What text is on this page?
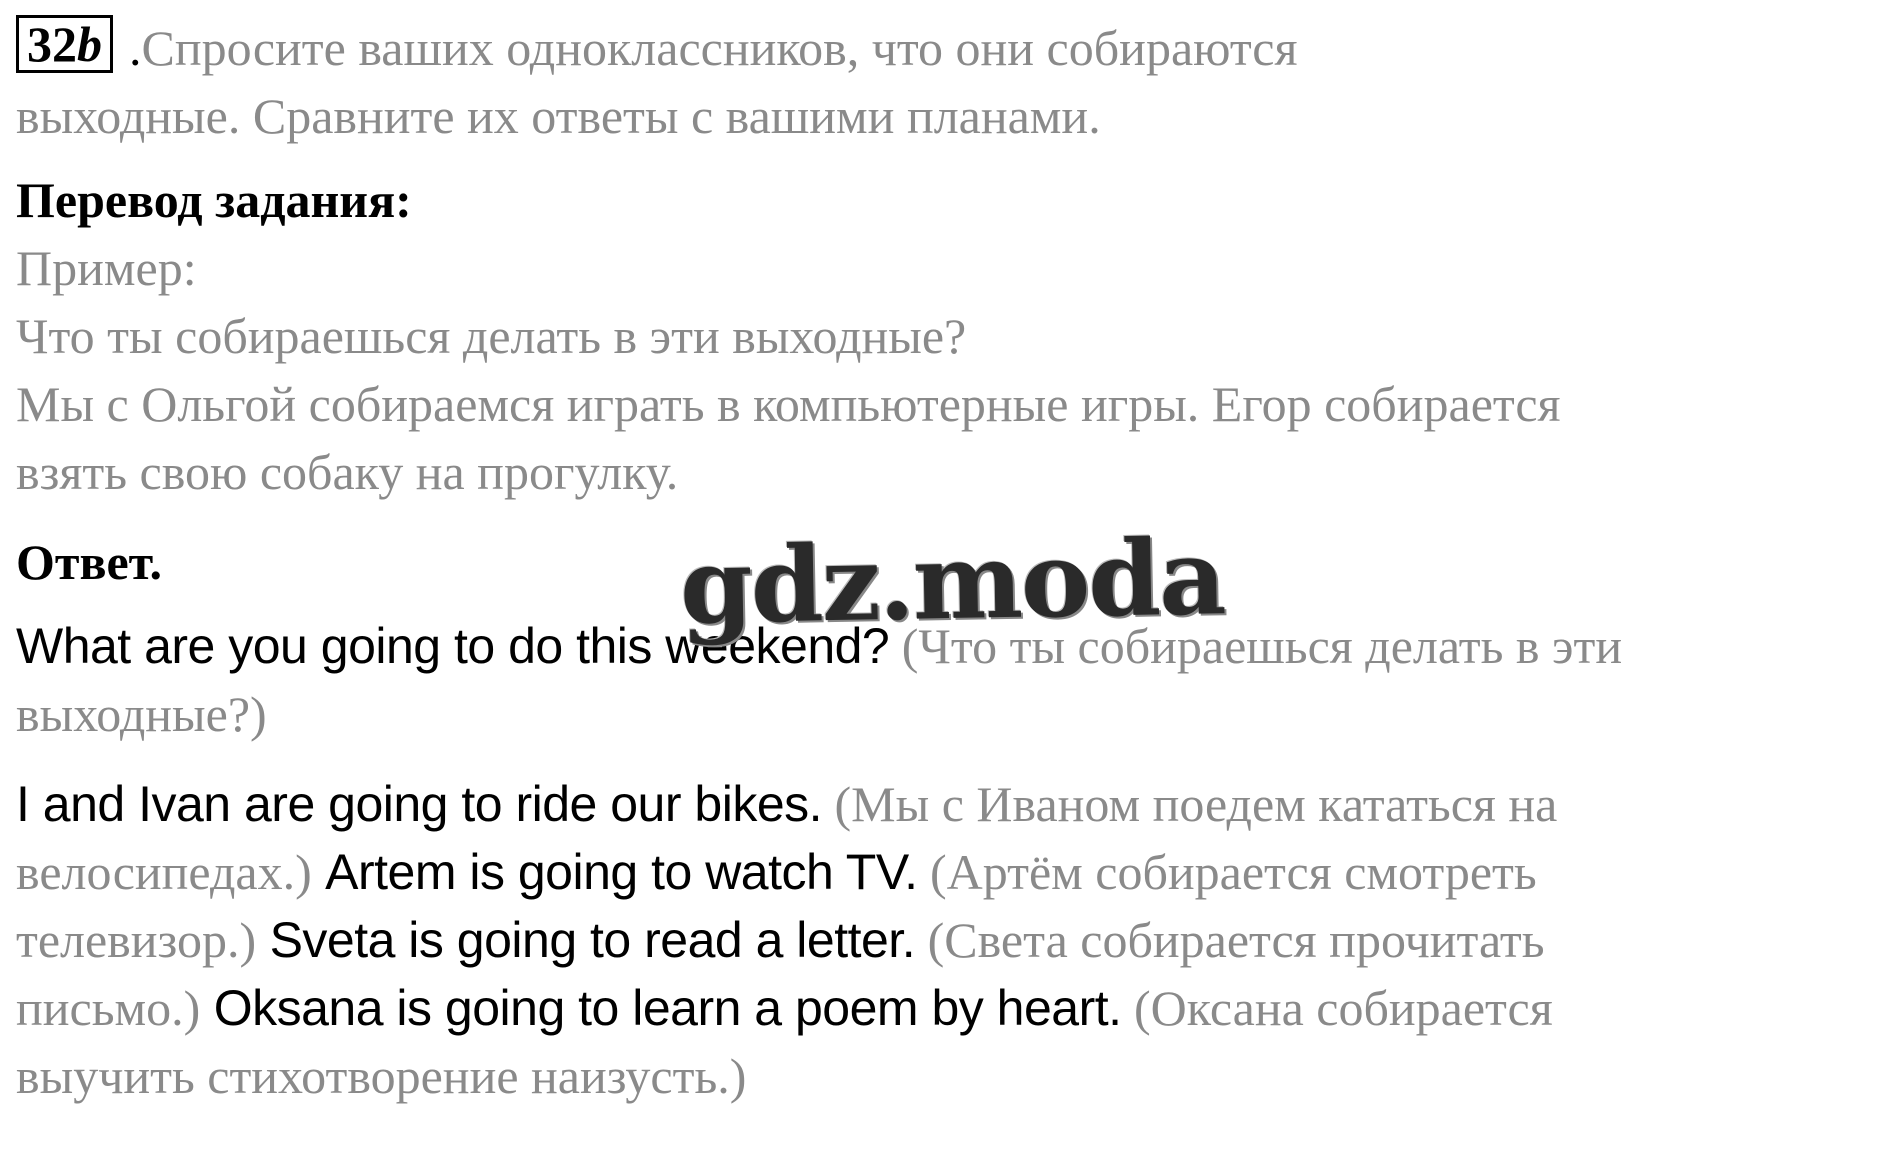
32b .Спросите ваших одноклассников, что они собираются
выходные. Сравните их ответы с вашими планами.
Перевод задания:
Пример:
Что ты собираешься делать в эти выходные?
Мы с Ольгой собираемся играть в компьютерные игры. Егор собирается
взять свою собаку на прогулку.
Ответ.
What are you going to do this weekend? (Что ты собираешься делать в эти
выходные?)
I and Ivan are going to ride our bikes. (Мы с Иваном поедем кататься на
велосипедах.) Artem is going to watch TV. (Артём собирается смотреть
телевизор.) Sveta is going to read a letter. (Света собирается прочитать
письмо.) Oksana is going to learn a poem by heart. (Оксана собирается
выучить стихотворение наизусть.)
gdz.moda
